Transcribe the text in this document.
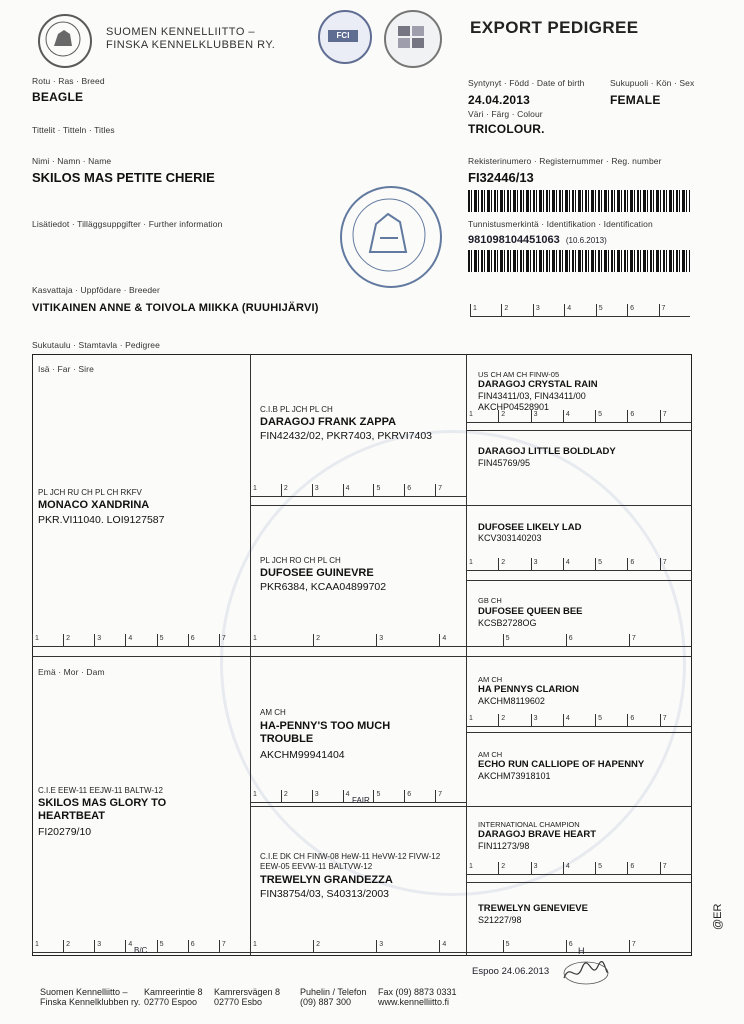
SUOMEN KENNELLIITTO –
FINSKA KENNELKLUBBEN RY.
FCI	EXPORT PEDIGREE
Rotu · Ras · Breed
BEAGLE
Tittelit · Titteln · Titles
Nimi · Namn · Name
SKILOS MAS PETITE CHERIE
Lisätiedot · Tilläggsuppgifter · Further information
Syntynyt · Född · Date of birth	Sukupuoli · Kön · Sex
24.04.2013	FEMALE
Väri · Färg · Colour
TRICOLOUR.
Rekisterinumero · Registernummer · Reg. number
FI32446/13
Tunnistusmerkintä · Identifikation · Identification
981098104451063 (10.6.2013)
Kasvattaja · Uppfödare · Breeder
VITIKAINEN ANNE & TOIVOLA MIIKKA (RUUHIJÄRVI)	1	2	3	4	5	6	7
Sukutaulu · Stamtavla · Pedigree
Isä · Far · Sire
PL JCH RU CH PL CH RKFV
MONACO XANDRINA
PKR.VI11040. LOI9127587
1	2	3	4	5	6	7
C.I.B PL JCH PL CH
DARAGOJ FRANK ZAPPA
FIN42432/02, PKR7403, PKRVI7403
1	2	3	4	5	6	7
PL JCH RO CH PL CH
DUFOSEE GUINEVRE
PKR6384, KCAA04899702
US CH AM CH FINW-05
DARAGOJ CRYSTAL RAIN
FIN43411/03, FIN43411/00
AKCHP04528901
1	2	3	4	5	6	7
DARAGOJ LITTLE BOLDLADY
FIN45769/95
DUFOSEE LIKELY LAD
KCV303140203
1	2	3	4	5	6	7
GB CH
DUFOSEE QUEEN BEE
KCSB2728OG
1	2	3	4	5	6	7
Emä · Mor · Dam
C.I.E EEW-11 EEJW-11 BALTW-12
SKILOS MAS GLORY TO HEARTBEAT
FI20279/10
1	2	3	4	5	6	7
B/C
AM CH
HA-PENNY'S TOO MUCH TROUBLE
AKCHM99941404
1	2	3	4	5	6	7
FAIR
C.I.E DK CH FINW-08 HeW-11 HeVW-12 FIVW-12 EEW-05 EEVW-11 BALTVW-12
TREWELYN GRANDEZZA
FIN38754/03, S40313/2003
AM CH
HA PENNYS CLARION
AKCHM8119602
1	2	3	4	5	6	7
AM CH
ECHO RUN CALLIOPE OF HAPENNY
AKCHM73918101
INTERNATIONAL CHAMPION
DARAGOJ BRAVE HEART
FIN11273/98
1	2	3	4	5	6	7
TREWELYN GENEVIEVE
S21227/98
1	2	3	4	5	6	7
H
@ER
Espoo 24.06.2013
Suomen Kennelliitto –
Finska Kennelklubben ry.
Kamreerintie 8
02770 Espoo
Kamrersvägen 8
02770 Esbo
Puhelin / Telefon
(09) 887 300
Fax (09) 8873 0331
www.kennelliitto.fi
